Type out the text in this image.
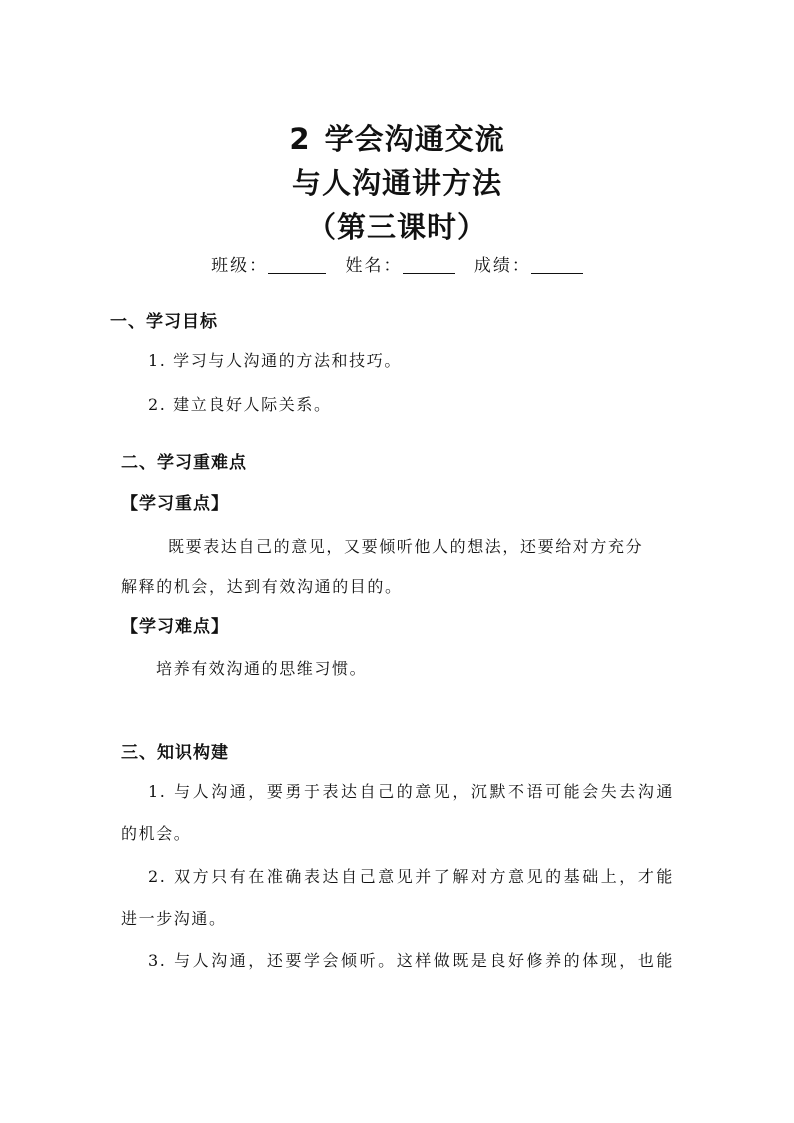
2 学会沟通交流
与人沟通讲方法
（第三课时）
班级：	姓名：	成绩：
一、学习目标
1. 学习与人沟通的方法和技巧。
2. 建立良好人际关系。
二、学习重难点
【学习重点】
既要表达自己的意见，又要倾听他人的想法，还要给对方充分
解释的机会，达到有效沟通的目的。
【学习难点】
培养有效沟通的思维习惯。
三、知识构建
1. 与人沟通，要勇于表达自己的意见，沉默不语可能会失去沟通
的机会。
2. 双方只有在准确表达自己意见并了解对方意见的基础上，才能
进一步沟通。
3. 与人沟通，还要学会倾听。这样做既是良好修养的体现，也能
